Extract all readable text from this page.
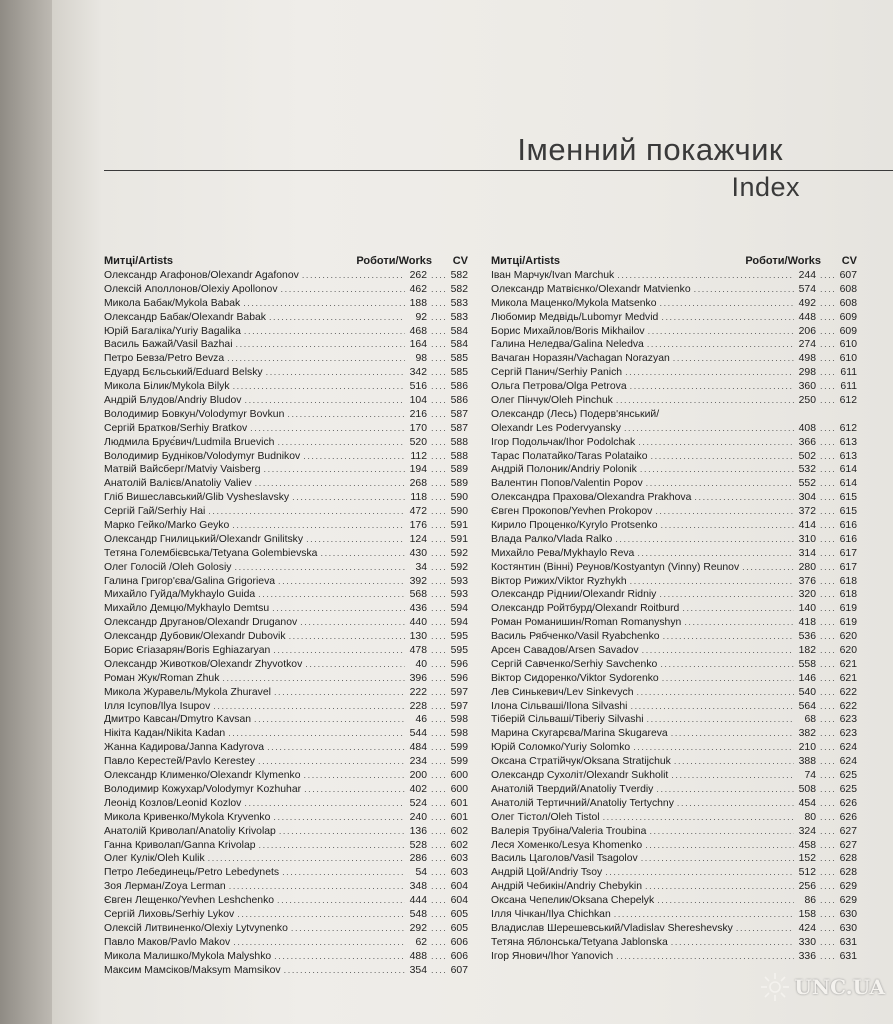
Іменний покажчик
Index
Митці/Artists	Роботи/Works	CV
Олександр Агафонов/Olexandr Agafonov .....	262 ........ 582
Олексій Аполлонов/Olexiy Apollonov .....	462 ........ 582
Микола Бабак/Mykola Babak .....	188 ........ 583
Олександр Бабак/Olexandr Babak .....	92 ........ 583
Юрій Багаліка/Yuriy Bagalika .....	468 ........ 584
Василь Бажай/Vasil Bazhai .....	164 ........ 584
Петро Бевза/Petro Bevza .....	98 ........ 585
Едуард Бєльський/Eduard Belsky .....	342 ........ 585
Микола Білик/Mykola Bilyk .....	516 ........ 586
Андрій Блудов/Andriy Bludov .....	104 ........ 586
Володимир Бовкун/Volodymyr Bovkun .....	216 ........ 587
Сергій Братков/Serhiy Bratkov .....	170 ........ 587
Людмила Брує́вич/Ludmila Bruevich .....	520 ........ 588
Володимир Будніков/Volodymyr Budnikov .....	112 ........ 588
Матвій Вайсберг/Matviy Vaisberg .....	194 ........ 589
Анатолій Валієв/Anatoliy Valiev .....	268 ........ 589
Гліб Вишеславський/Glib Vysheslavsky .....	118 ........ 590
Сергій Гай/Serhiy Hai .....	472 ........ 590
Марко Гейко/Marko Geyko .....	176 ........ 591
Олександр Гнилицький/Olexandr Gnilitsky .....	124 ........ 591
Тетяна Голембієвська/Tetyana Golembievska .....	430 ........ 592
Олег Голосій /Oleh Golosiy .....	34 ........ 592
Галина Григор'єва/Galina Grigorieva .....	392 ........ 593
Михайло Гуйда/Mykhaylo Guida .....	568 ........ 593
Михайло Демцю/Mykhaylo Demtsu .....	436 ........ 594
Олександр Друганов/Olexandr Druganov .....	440 ........ 594
Олександр Дубовик/Olexandr Dubovik .....	130 ........ 595
Борис Єгіазарян/Boris Eghiazaryan .....	478 ........ 595
Олександр Животков/Olexandr Zhyvotkov .....	40 ........ 596
Роман Жук/Roman Zhuk .....	396 ........ 596
Микола Журавель/Mykola Zhuravel .....	222 ........ 597
Ілля Ісупов/Ilya Isupov .....	228 ........ 597
Дмитро Кавсан/Dmytro Kavsan .....	46 ........ 598
Нікіта Кадан/Nikita Kadan .....	544 ........ 598
Жанна Кадирова/Janna Kadyrova .....	484 ........ 599
Павло Керестей/Pavlo Kerestey .....	234 ........ 599
Олександр Клименко/Olexandr Klymenko .....	200 ........ 600
Володимир Кожухар/Volodymyr Kozhuhar .....	402 ........ 600
Леонід Козлов/Leonid Kozlov .....	524 ........ 601
Микола Кривенко/Mykola Kryvenko .....	240 ........ 601
Анатолій Криволап/Anatoliy Krivolap .....	136 ........ 602
Ганна Криволап/Ganna Krivolap .....	528 ........ 602
Олег Кулік/Oleh Kulik .....	286 ........ 603
Петро Лебединець/Petro Lebedynets .....	54 ........ 603
Зоя Лерман/Zoya Lerman .....	348 ........ 604
Євген Лещенко/Yevhen Leshchenko .....	444 ........ 604
Сергій Лиховь/Serhiy Lykov .....	548 ........ 605
Олексій Литвиненко/Olexiy Lytvynenko .....	292 ........ 605
Павло Маков/Pavlo Makov .....	62 ........ 606
Микола Малишко/Mykola Malyshko .....	488 ........ 606
Максим Мамсіков/Maksym Mamsikov .....	354 ........ 607
Митці/Artists	Роботи/Works	CV
Іван Марчук/Ivan Marchuk .....	244 ........ 607
Олександр Матвієнко/Olexandr Matvienko .....	574 ........ 608
Микола Маценко/Mykola Matsenko .....	492 ........ 608
Любомир Медвідь/Lubomyr Medvid .....	448 ........ 609
Борис Михайлов/Boris Mikhailov .....	206 ........ 609
Галина Неледва/Galina Neledva .....	274 ........ 610
Вачаган Норазян/Vachagan Norazyan .....	498 ........ 610
Сергій Панич/Serhiy Panich .....	298 ........	611
Ольга Петрова/Olga Petrova .....	360 ........	611
Олег Пінчук/Oleh Pinchuk .....	250 ........ 612
Олександр (Лесь) Подерв'янський/
Olexandr Les Podervyansky .....	408 ........ 612
Ігор Подольчак/Ihor Podolchak .....	366 ........ 613
Тарас Полатайко/Taras Polataiko .....	502 ........ 613
Андрій Полоник/Andriy Polonik .....	532 ........ 614
Валентин Попов/Valentin Popov .....	552 ........ 614
Олександра Прахова/Olexandra Prakhova .....	304 ........ 615
Євген Прокопов/Yevhen Prokopov .....	372 ........ 615
Кирило Проценко/Kyrylo Protsenko .....	414 ........ 616
Влада Ралко/Vlada Ralko .....	310 ........ 616
Михайло Рева/Mykhaylo Reva .....	314 ........ 617
Костянтин (Вінні) Реунов/Kostyantyn (Vinny) Reunov .....	280 ........ 617
Віктор Рижих/Viktor Ryzhykh .....	376 ........ 618
Олександр Ріднии/Olexandr Ridniy .....	320 ........ 618
Олександр Ройтбурд/Olexandr Roitburd .....	140 ........ 619
Роман Романишин/Roman Romanyshyn .....	418 ........ 619
Василь Рябченко/Vasil Ryabchenko .....	536 ........ 620
Арсен Савадов/Arsen Savadov .....	182 ........ 620
Сергій Савченко/Serhiy Savchenko .....	558 ........ 621
Віктор Сидоренко/Viktor Sydorenko .....	146 ........ 621
Лев Синькевич/Lev Sinkevych .....	540 ........ 622
Ілона Сільваші/Ilona Silvashi .....	564 ........ 622
Тіберій Сільваші/Tiberiy Silvashi .....	68 ........ 623
Марина Скугарєва/Marina Skugareva .....	382 ........ 623
Юрій Соломко/Yuriy Solomko .....	210 ........ 624
Оксана Стратійчук/Oksana Stratijchuk .....	388 ........ 624
Олександр Сухоліт/Olexandr Sukholit .....	74 ........ 625
Анатолій Твердий/Anatoliy Tverdiy .....	508 ........ 625
Анатолій Тертичний/Anatoliy Tertychny .....	454 ........ 626
Олег Тістол/Oleh Tistol .....	80 ........ 626
Валерія Трубіна/Valeria Troubina .....	324 ........ 627
Леся Хоменко/Lesya Khomenko .....	458 ........ 627
Василь Цаголов/Vasil Tsagolov .....	152 ........ 628
Андрій Цой/Andriy Tsoy .....	512 ........ 628
Андрій Чебикін/Andriy Chebykin .....	256 ........ 629
Оксана Чепелик/Oksana Chepelyk .....	86 ........ 629
Ілля Чічкан/Ilya Chichkan .....	158 ........ 630
Владислав Шерешевський/Vladislav Shereshevsky .....	424 ........ 630
Тетяна Яблонська/Tetyana Jablonska .....	330 ........ 631
Ігор Янович/Ihor Yanovich .....	336 ........ 631
UNC.UA
